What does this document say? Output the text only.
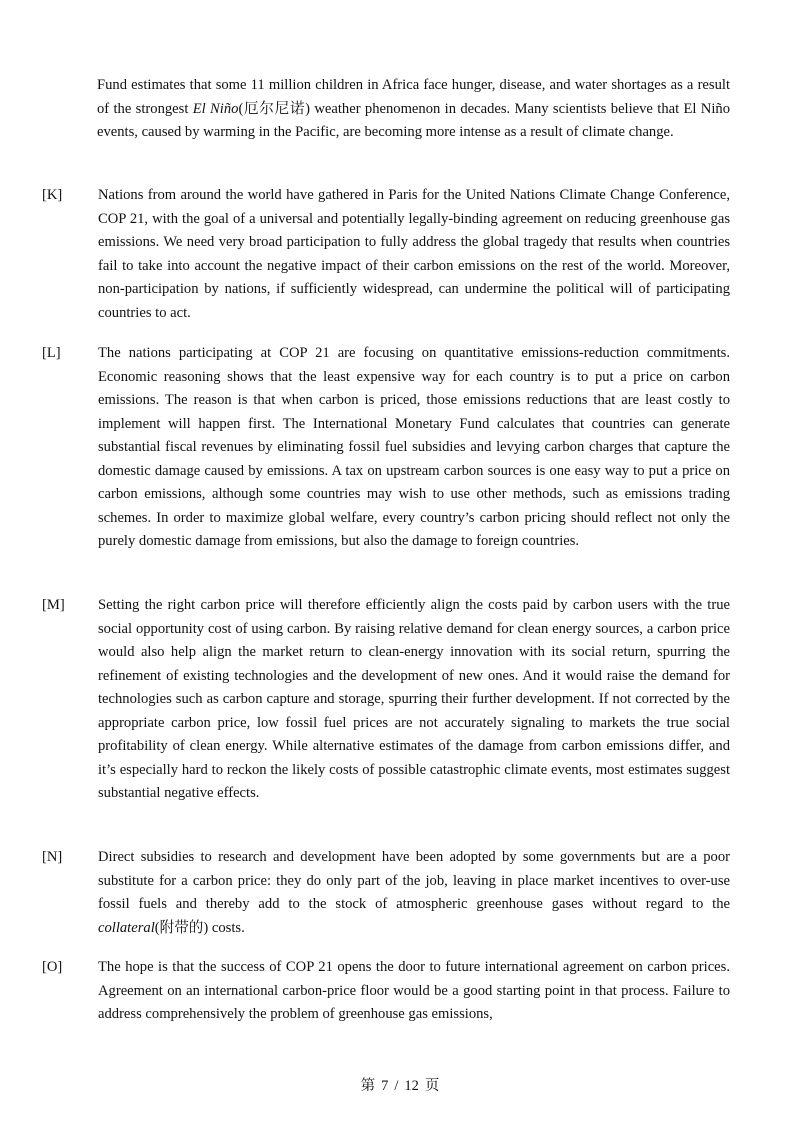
Fund estimates that some 11 million children in Africa face hunger, disease, and water shortages as a result of the strongest El Niño(厄尔尼诺) weather phenomenon in decades. Many scientists believe that El Niño events, caused by warming in the Pacific, are becoming more intense as a result of climate change.

[K] Nations from around the world have gathered in Paris for the United Nations Climate Change Conference, COP 21, with the goal of a universal and potentially legally-binding agreement on reducing greenhouse gas emissions. We need very broad participation to fully address the global tragedy that results when countries fail to take into account the negative impact of their carbon emissions on the rest of the world. Moreover, non-participation by nations, if sufficiently widespread, can undermine the political will of participating countries to act.

[L]	The nations participating at COP 21 are focusing on quantitative emissions-reduction commitments. Economic reasoning shows that the least expensive way for each country is to put a price on carbon emissions. The reason is that when carbon is priced, those emissions reductions that are least costly to implement will happen first. The International Monetary Fund calculates that countries can generate substantial fiscal revenues by eliminating fossil fuel subsidies and levying carbon charges that capture the domestic damage caused by emissions. A tax on upstream carbon sources is one easy way to put a price on carbon emissions, although some countries may wish to use other methods, such as emissions trading schemes. In order to maximize global welfare, every country’s carbon pricing should reflect not only the purely domestic damage from emissions, but also the damage to foreign countries.

[M] Setting the right carbon price will therefore efficiently align the costs paid by carbon users with the true social opportunity cost of using carbon. By raising relative demand for clean energy sources, a carbon price would also help align the market return to clean-energy innovation with its social return, spurring the refinement of existing technologies and the development of new ones. And it would raise the demand for technologies such as carbon capture and storage, spurring their further development. If not corrected by the appropriate carbon price, low fossil fuel prices are not accurately signaling to markets the true social profitability of clean energy. While alternative estimates of the damage from carbon emissions differ, and it’s especially hard to reckon the likely costs of possible catastrophic climate events, most estimates suggest substantial negative effects.

[N] Direct subsidies to research and development have been adopted by some governments but are a poor substitute for a carbon price: they do only part of the job, leaving in place market incentives to over-use fossil fuels and thereby add to the stock of atmospheric greenhouse gases without regard to the collateral(附带的) costs.

[O] The hope is that the success of COP 21 opens the door to future international agreement on carbon prices. Agreement on an international carbon-price floor would be a good starting point in that process. Failure to address comprehensively the problem of greenhouse gas emissions,

第 7 / 12 页
